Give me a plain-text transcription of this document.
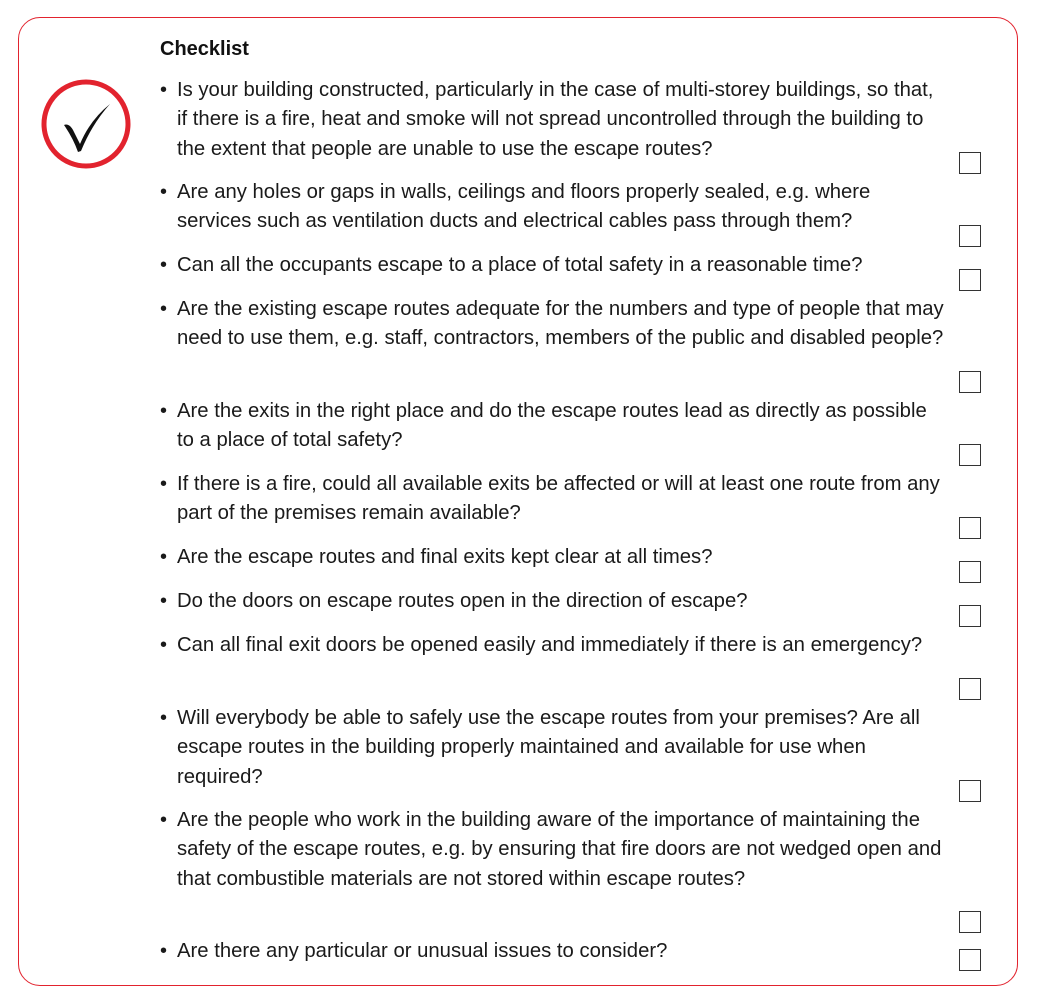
Checklist
• Is your building constructed, particularly in the case of multi-storey buildings, so that, if there is a fire, heat and smoke will not spread uncontrolled through the building to the extent that people are unable to use the escape routes?
• Are any holes or gaps in walls, ceilings and floors properly sealed, e.g. where services such as ventilation ducts and electrical cables pass through them?
• Can all the occupants escape to a place of total safety in a reasonable time?
• Are the existing escape routes adequate for the numbers and type of people that may need to use them, e.g. staff, contractors, members of the public and disabled people?
• Are the exits in the right place and do the escape routes lead as directly as possible to a place of total safety?
• If there is a fire, could all available exits be affected or will at least one route from any part of the premises remain available?
• Are the escape routes and final exits kept clear at all times?
• Do the doors on escape routes open in the direction of escape?
• Can all final exit doors be opened easily and immediately if there is an emergency?
• Will everybody be able to safely use the escape routes from your premises? Are all escape routes in the building properly maintained and available for use when required?
• Are the people who work in the building aware of the importance of maintaining the safety of the escape routes, e.g. by ensuring that fire doors are not wedged open and that combustible materials are not stored within escape routes?
• Are there any particular or unusual issues to consider?
